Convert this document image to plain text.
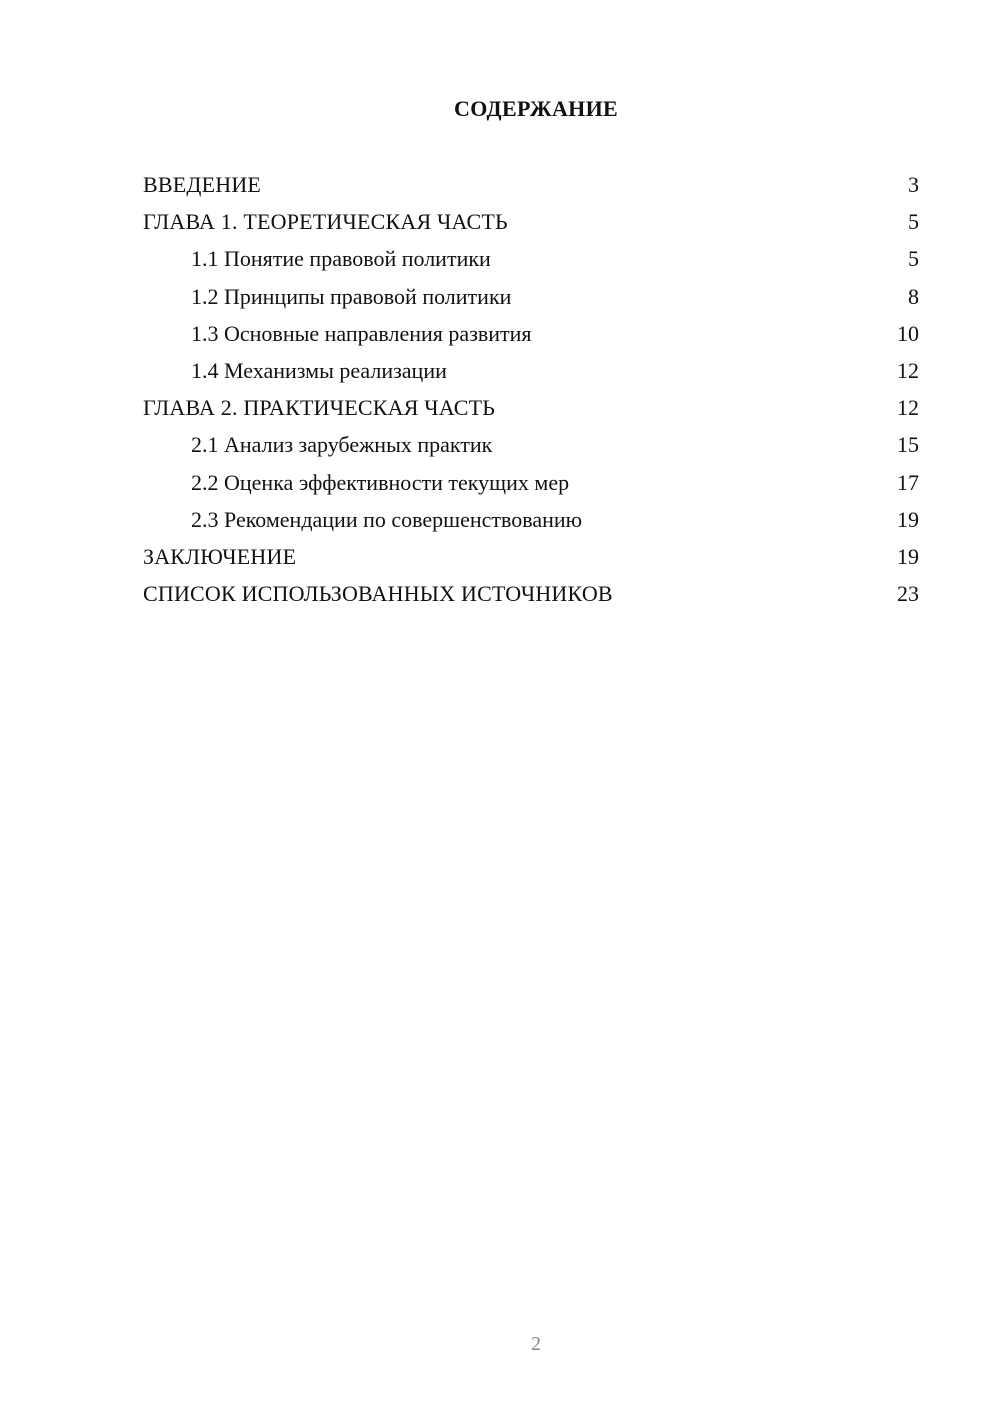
СОДЕРЖАНИЕ
ВВЕДЕНИЕ	3
ГЛАВА 1. ТЕОРЕТИЧЕСКАЯ ЧАСТЬ	5
1.1 Понятие правовой политики	5
1.2 Принципы правовой политики	8
1.3 Основные направления развития	10
1.4 Механизмы реализации	12
ГЛАВА 2. ПРАКТИЧЕСКАЯ ЧАСТЬ	12
2.1 Анализ зарубежных практик	15
2.2 Оценка эффективности текущих мер	17
2.3 Рекомендации по совершенствованию	19
ЗАКЛЮЧЕНИЕ	19
СПИСОК ИСПОЛЬЗОВАННЫХ ИСТОЧНИКОВ	23
2
